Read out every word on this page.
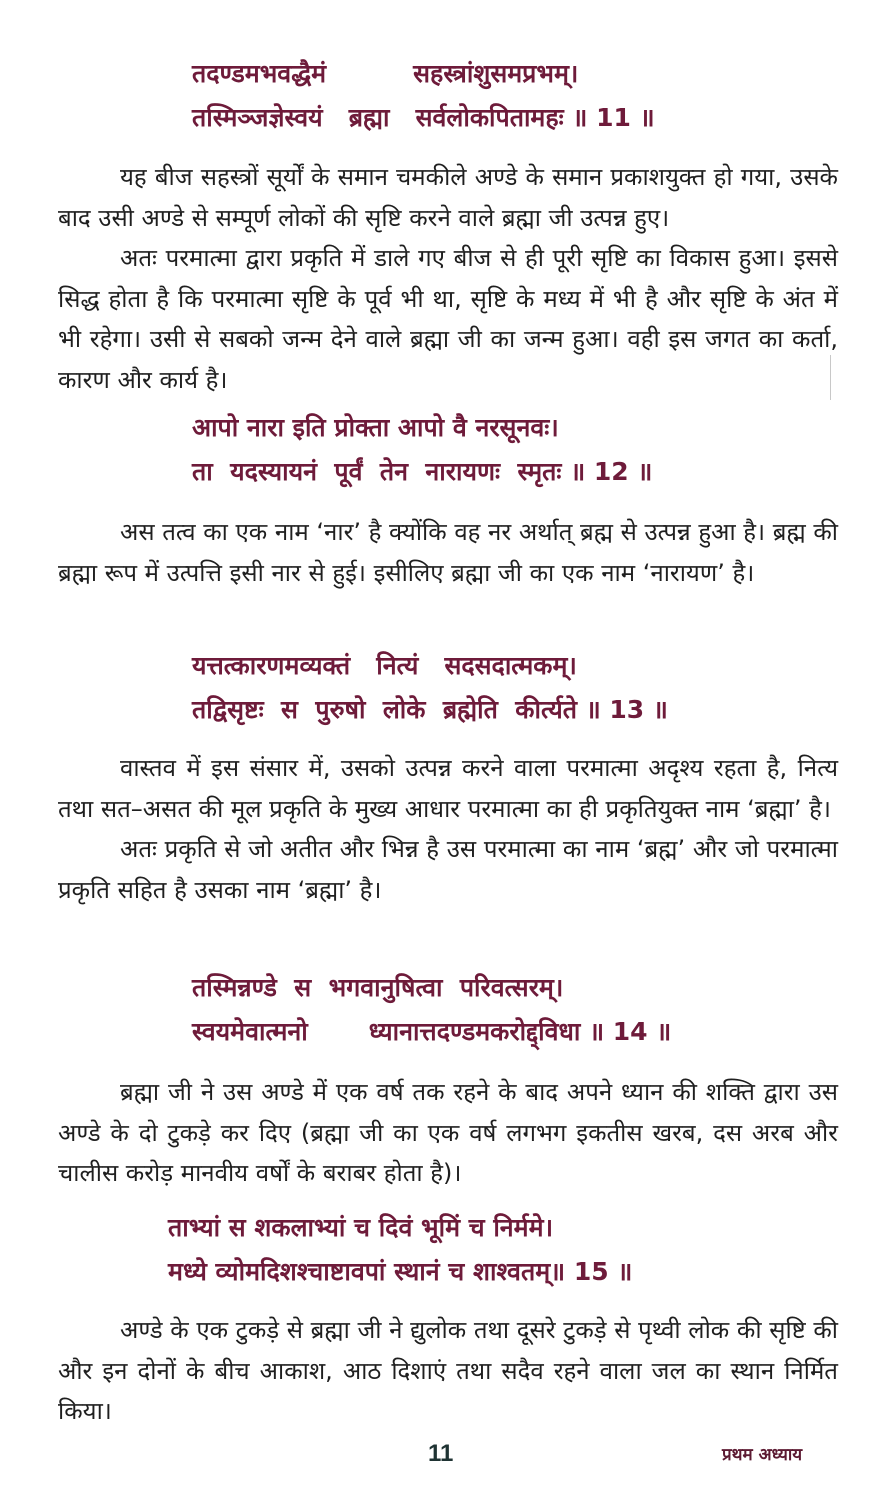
तदण्डमभवद्धैमं          सहस्त्रांशुसमप्रभम्।
तस्मिञ्जज्ञेस्वयं   ब्रह्मा   सर्वलोकपितामहः ॥ 11 ॥

यह बीज सहस्त्रों सूर्यों के समान चमकीले अण्डे के समान प्रकाशयुक्त हो गया, उसके बाद उसी अण्डे से सम्पूर्ण लोकों की सृष्टि करने वाले ब्रह्मा जी उत्पन्न हुए।

अतः परमात्मा द्वारा प्रकृति में डाले गए बीज से ही पूरी सृष्टि का विकास हुआ। इससे सिद्ध होता है कि परमात्मा सृष्टि के पूर्व भी था, सृष्टि के मध्य में भी है और सृष्टि के अंत में भी रहेगा। उसी से सबको जन्म देने वाले ब्रह्मा जी का जन्म हुआ। वही इस जगत का कर्ता, कारण और कार्य है।

आपो नारा इति प्रोक्ता आपो वै नरसूनवः।
ता  यदस्यायनं  पूर्वं  तेन  नारायणः  स्मृतः ॥ 12 ॥

अस तत्व का एक नाम ‘नार’ है क्योंकि वह नर अर्थात् ब्रह्म से उत्पन्न हुआ है। ब्रह्म की ब्रह्मा रूप में उत्पत्ति इसी नार से हुई। इसीलिए ब्रह्मा जी का एक नाम ‘नारायण’ है।

यत्तत्कारणमव्यक्तं   नित्यं   सदसदात्मकम्।
तद्विसृष्टः  स  पुरुषो  लोके  ब्रह्मेति  कीर्त्यते ॥ 13 ॥

वास्तव में इस संसार में, उसको उत्पन्न करने वाला परमात्मा अदृश्य रहता है, नित्य तथा सत–असत की मूल प्रकृति के मुख्य आधार परमात्मा का ही प्रकृतियुक्त नाम ‘ब्रह्मा’ है।

अतः प्रकृति से जो अतीत और भिन्न है उस परमात्मा का नाम ‘ब्रह्म’ और जो परमात्मा प्रकृति सहित है उसका नाम ‘ब्रह्मा’ है।

तस्मिन्नण्डे  स  भगवानुषित्वा  परिवत्सरम्।
स्वयमेवात्मनो       ध्यानात्तदण्डमकरोद्द्विधा ॥ 14 ॥

ब्रह्मा जी ने उस अण्डे में एक वर्ष तक रहने के बाद अपने ध्यान की शक्ति द्वारा उस अण्डे के दो टुकड़े कर दिए (ब्रह्मा जी का एक वर्ष लगभग इकतीस खरब, दस अरब और चालीस करोड़ मानवीय वर्षों के बराबर होता है)।

ताभ्यां स शकलाभ्यां च दिवं भूमिं च निर्ममे।
मध्ये व्योमदिशश्चाष्टावपां स्थानं च शाश्वतम्॥ 15 ॥

अण्डे के एक टुकड़े से ब्रह्मा जी ने द्युलोक तथा दूसरे टुकड़े से पृथ्वी लोक की सृष्टि की और इन दोनों के बीच आकाश, आठ दिशाएं तथा सदैव रहने वाला जल का स्थान निर्मित किया।

11	प्रथम अध्याय
